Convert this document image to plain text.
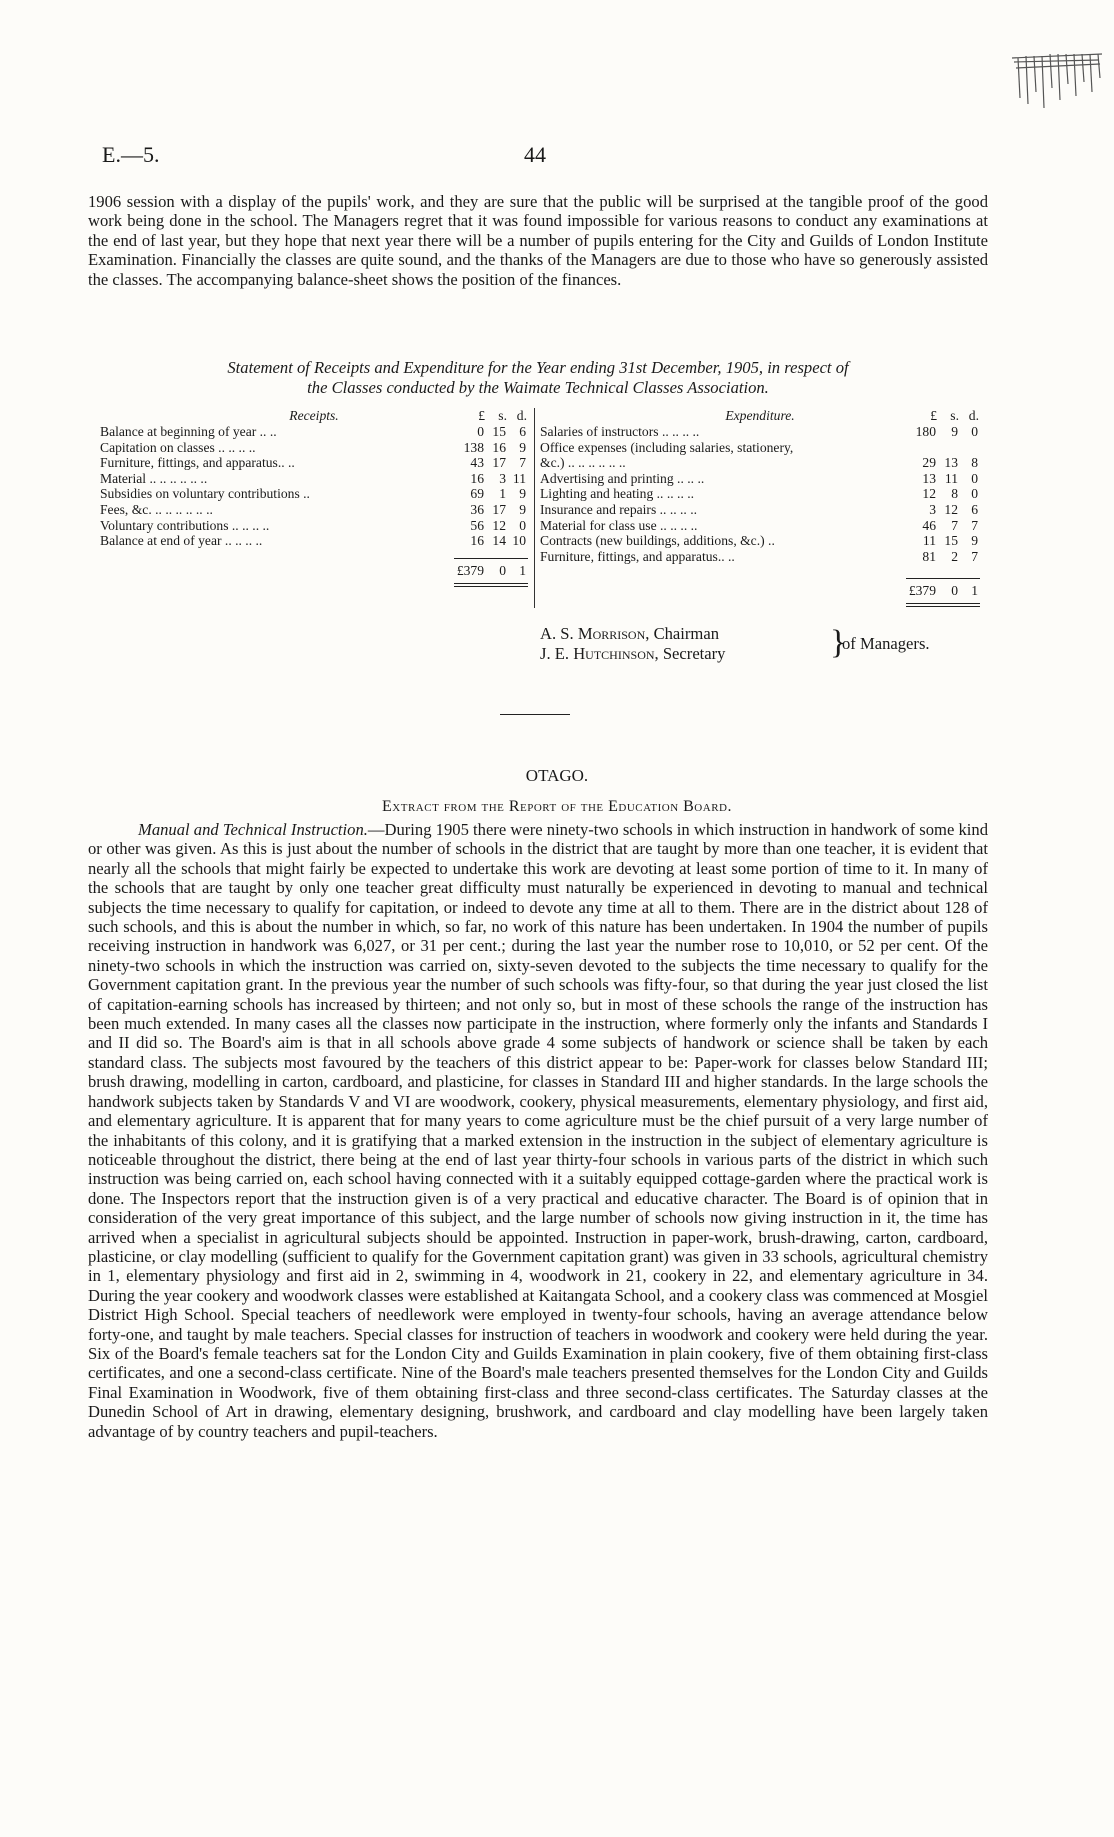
E.—5.	44

1906 session with a display of the pupils' work, and they are sure that the public will be surprised at the tangible proof of the good work being done in the school. The Managers regret that it was found impossible for various reasons to conduct any examinations at the end of last year, but they hope that next year there will be a number of pupils entering for the City and Guilds of London Institute Examination. Financially the classes are quite sound, and the thanks of the Managers are due to those who have so generously assisted the classes. The accompanying balance-sheet shows the position of the finances.

Statement of Receipts and Expenditure for the Year ending 31st December, 1905, in respect of
the Classes conducted by the Waimate Technical Classes Association.
Receipts.	£ s. d.
Balance at beginning of year .. ..	0 15 6
Capitation on classes .. .. .. ..	138 16 9
Furniture, fittings, and apparatus.. ..	43 17 7
Material .. .. .. .. .. ..	16 3 11
Subsidies on voluntary contributions ..	69 1 9
Fees, &c. .. .. .. .. .. ..	36 17 9
Voluntary contributions .. .. .. ..	56 12 0
Balance at end of year .. .. .. ..	16 14 10
£379 0 1
Expenditure.	£ s. d.
Salaries of instructors .. .. .. ..	180 9 0
Office expenses (including salaries, stationery,
&c.) .. .. .. .. .. ..	29 13 8
Advertising and printing .. .. ..	13 11 0
Lighting and heating .. .. .. ..	12 8 0
Insurance and repairs .. .. .. ..	3 12 6
Material for class use .. .. .. ..	46 7 7
Contracts (new buildings, additions, &c.) ..	11 15 9
Furniture, fittings, and apparatus.. ..	81 2 7
£379 0 1
A. S. Morrison, Chairman
J. E. Hutchinson, Secretary	}
of Managers.
OTAGO.
Extract from the Report of the Education Board.

Manual and Technical Instruction.—During 1905 there were ninety-two schools in which instruction in handwork of some kind or other was given. As this is just about the number of schools in the district that are taught by more than one teacher, it is evident that nearly all the schools that might fairly be expected to undertake this work are devoting at least some portion of time to it. In many of the schools that are taught by only one teacher great difficulty must naturally be experienced in devoting to manual and technical subjects the time necessary to qualify for capitation, or indeed to devote any time at all to them. There are in the district about 128 of such schools, and this is about the number in which, so far, no work of this nature has been undertaken. In 1904 the number of pupils receiving instruction in handwork was 6,027, or 31 per cent.; during the last year the number rose to 10,010, or 52 per cent. Of the ninety-two schools in which the instruction was carried on, sixty-seven devoted to the subjects the time necessary to qualify for the Government capitation grant. In the previous year the number of such schools was fifty-four, so that during the year just closed the list of capitation-earning schools has increased by thirteen; and not only so, but in most of these schools the range of the instruction has been much extended. In many cases all the classes now participate in the instruction, where formerly only the infants and Standards I and II did so. The Board's aim is that in all schools above grade 4 some subjects of handwork or science shall be taken by each standard class. The subjects most favoured by the teachers of this district appear to be: Paper-work for classes below Standard III; brush drawing, modelling in carton, cardboard, and plasticine, for classes in Standard III and higher standards. In the large schools the handwork subjects taken by Standards V and VI are woodwork, cookery, physical measurements, elementary physiology, and first aid, and elementary agriculture. It is apparent that for many years to come agriculture must be the chief pursuit of a very large number of the inhabitants of this colony, and it is gratifying that a marked extension in the instruction in the subject of elementary agriculture is noticeable throughout the district, there being at the end of last year thirty-four schools in various parts of the district in which such instruction was being carried on, each school having connected with it a suitably equipped cottage-garden where the practical work is done. The Inspectors report that the instruction given is of a very practical and educative character. The Board is of opinion that in consideration of the very great importance of this subject, and the large number of schools now giving instruction in it, the time has arrived when a specialist in agricultural subjects should be appointed. Instruction in paper-work, brush-drawing, carton, cardboard, plasticine, or clay modelling (sufficient to qualify for the Government capitation grant) was given in 33 schools, agricultural chemistry in 1, elementary physiology and first aid in 2, swimming in 4, woodwork in 21, cookery in 22, and elementary agriculture in 34. During the year cookery and woodwork classes were established at Kaitangata School, and a cookery class was commenced at Mosgiel District High School. Special teachers of needlework were employed in twenty-four schools, having an average attendance below forty-one, and taught by male teachers. Special classes for instruction of teachers in woodwork and cookery were held during the year. Six of the Board's female teachers sat for the London City and Guilds Examination in plain cookery, five of them obtaining first-class certificates, and one a second-class certificate. Nine of the Board's male teachers presented themselves for the London City and Guilds Final Examination in Woodwork, five of them obtaining first-class and three second-class certificates. The Saturday classes at the Dunedin School of Art in drawing, elementary designing, brushwork, and cardboard and clay modelling have been largely taken advantage of by country teachers and pupil-teachers.
